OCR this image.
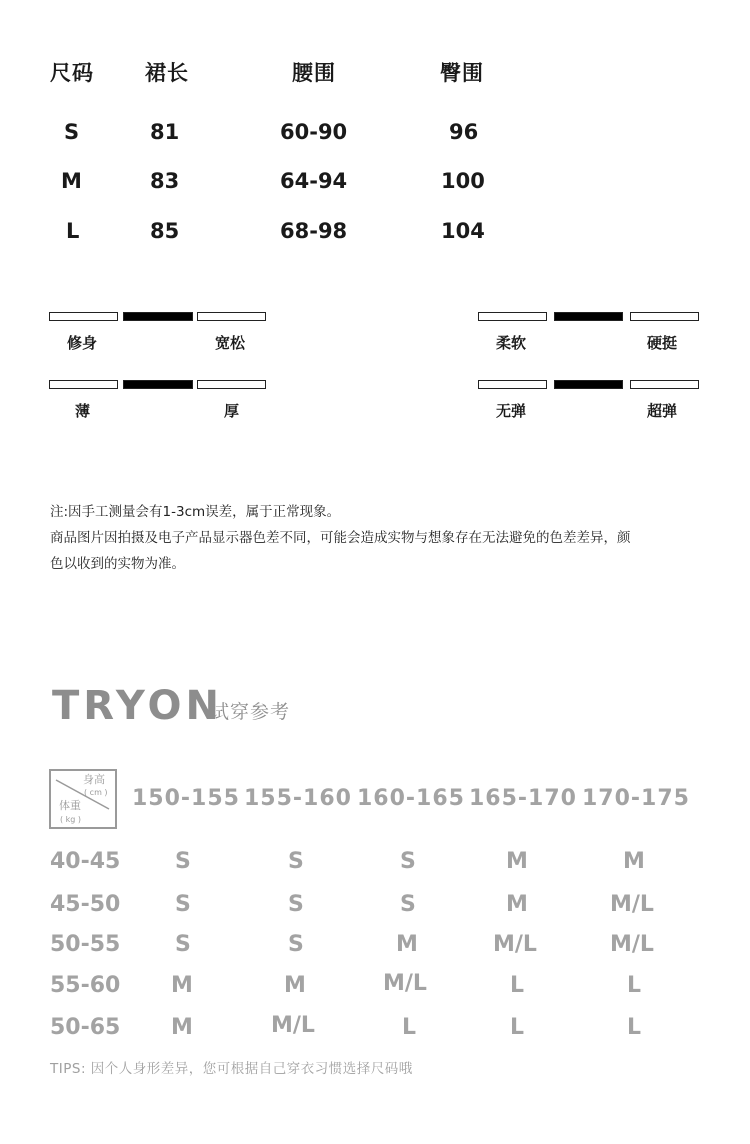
尺码 裙长	腰围	臀围
S	81	60-90	96
M	83	64-94	100
L	85	68-98	104
修身	宽松	柔软	硬挺
薄	厚	无弹	超弹
注:因手工测量会有1-3cm误差，属于正常现象。
商品图片因拍摄及电子产品显示器色差不同，可能会造成实物与想象存在无法避免的色差差异，颜
色以收到的实物为准。
TRYON
试穿参考
身高
( cm )
体重
( kg )
150-155 155-160 160-165 165-170 170-175
40-45 S	S	S	M	M
45-50 S	S	S	M	M/L
50-55 S	S	M	M/L	M/L
55-60 M	M	M/L	L	L
50-65 M	M/L	L	L	L
TIPS: 因个人身形差异，您可根据自己穿衣习惯选择尺码哦
